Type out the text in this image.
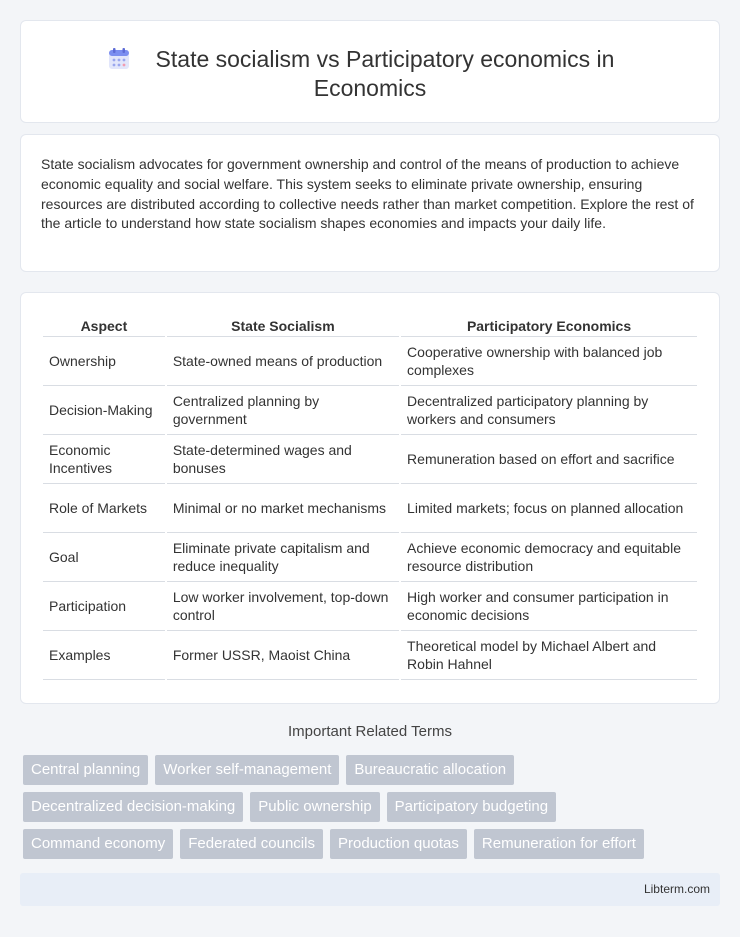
State socialism vs Participatory economics in
Economics

State socialism advocates for government ownership and control of the means of production to achieve economic equality and social welfare. This system seeks to eliminate private ownership, ensuring resources are distributed according to collective needs rather than market competition. Explore the rest of the article to understand how state socialism shapes economies and impacts your daily life.

Aspect	State Socialism	Participatory Economics
Ownership	State-owned means of production	Cooperative ownership with balanced job complexes
Decision-Making	Centralized planning by government	Decentralized participatory planning by workers and consumers
Economic Incentives	State-determined wages and bonuses	Remuneration based on effort and sacrifice
Role of Markets	Minimal or no market mechanisms	Limited markets; focus on planned allocation
Goal	Eliminate private capitalism and reduce inequality	Achieve economic democracy and equitable resource distribution
Participation	Low worker involvement, top-down control	High worker and consumer participation in economic decisions
Examples	Former USSR, Maoist China	Theoretical model by Michael Albert and Robin Hahnel
Important Related Terms
Central planning	Worker self-management	Bureaucratic allocation
Decentralized decision-making	Public ownership	Participatory budgeting
Command economy	Federated councils	Production quotas	Remuneration for effort
Libterm.com
